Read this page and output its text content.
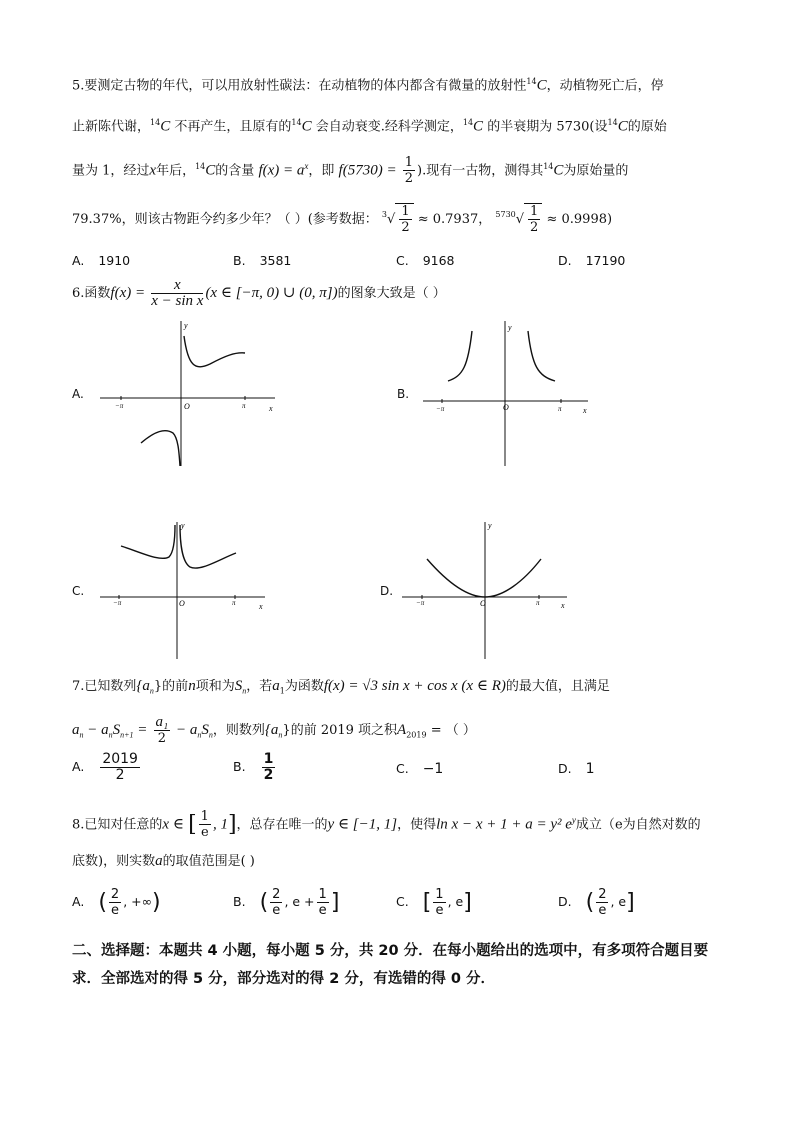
5.要测定古物的年代，可以用放射性碳法：在动植物的体内都含有微量的放射性$^{14}$C，动植物死亡后，停
止新陈代谢，$^{14}$C 不再产生，且原有的$^{14}$C 会自动衰变.经科学测定，$^{14}$C 的半衰期为 5730(设$^{14}$C的原始
量为 1，经过x年后，$^{14}$C的含量 $f(x) = a^x$，即 $f(5730) = \frac{1}{2}$ ).现有一古物，测得其$^{14}$C为原始量的
79.37%，则该古物距今约多少年？（ ）(参考数据： $^3√ \frac{1}{2} \approx 0.7937$， $^{5730}√ \frac{1}{2} \approx 0.9998$)
A. 1910	B. 3581	C. 9168	D. 17190
6.函数$f(x) = \frac{x}{\text{x − sin x}} (x$ ∈ [−π, 0) ∪ (0, π])的图象大致是（ ）
A.	B.
C.	D.
y
x
O
−π	π
y
x
O
−π	π
y
x
O
−π	π
y
x
O
−π	π
7.已知数列$\{a_n\}$的前n项和为$S_n$，若$a_1$为函数f(x) = √3 sin x + cos x (x ∈ R)的最大值，且满足
$a_n - a_nS_{n+1} = \frac{\text{a₁}}{2} - a_nS_n$，则数列$\{a_n\}$的前 2019 项之积$A_{2019}$ = （ ）
A. $\frac{2019}{2}$	B. $\frac{1}{2}$	C. −1	D. 1
8.已知对任意的x ∈ [ $\frac{1}{e}$ , 1]，总存在唯一的y ∈ [−1, 1]，使得ln x − x + 1 + a = y² $e^y$成立（e为自然对数的
底数)，则实数a的取值范围是( )
A. ( $\frac{2}{e}$ , +∞)	B. ( $\frac{2}{e}$ , $e + \frac{1}{e}$ ]	C. [ $\frac{1}{e}$ , e]	D. ( $\frac{2}{e}$ , e]
二、选择题：本题共 4 小题，每小题 5 分，共 20 分．在每小题给出的选项中，有多项符合题目要求．全部选对的得 5 分，部分选对的得 2 分，有选错的得 0 分．
